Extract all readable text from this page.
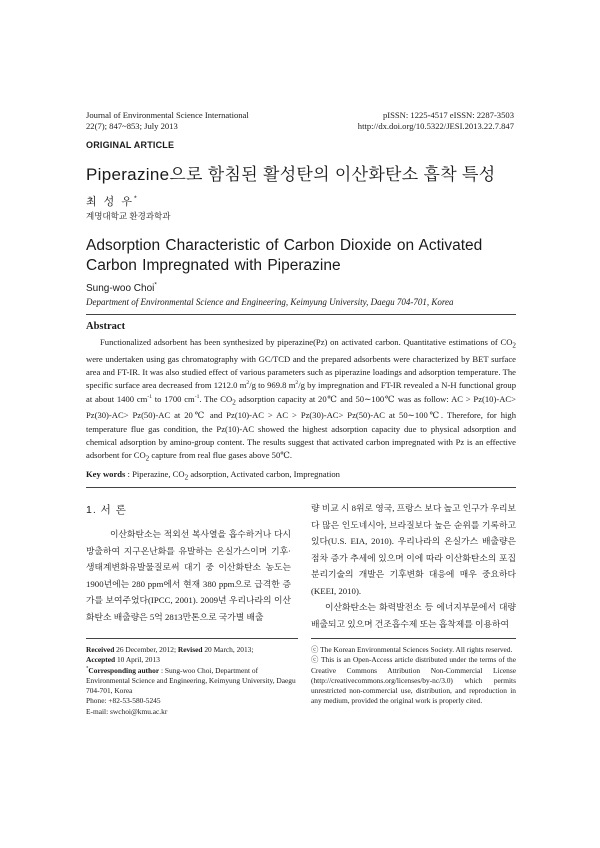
Journal of Environmental Science International
22(7); 847~853; July 2013
pISSN: 1225-4517 eISSN: 2287-3503
http://dx.doi.org/10.5322/JESI.2013.22.7.847
ORIGINAL ARTICLE
Piperazine으로 함침된 활성탄의 이산화탄소 흡착 특성
최 성 우*
계명대학교 환경과학과
Adsorption Characteristic of Carbon Dioxide on Activated Carbon Impregnated with Piperazine
Sung-woo Choi*
Department of Environmental Science and Engineering, Keimyung University, Daegu 704-701, Korea
Abstract
Functionalized adsorbent has been synthesized by piperazine(Pz) on activated carbon. Quantitative estimations of $CO_2$ were undertaken using gas chromatography with GC/TCD and the prepared adsorbents were characterized by BET surface area and FT-IR. It was also studied effect of various parameters such as piperazine loadings and adsorption temperature. The specific surface area decreased from 1212.0 $m^2/g$ to 969.8 $m^2/g$ by impregnation and FT-IR revealed a N-H functional group at about 1400 $cm^{-1}$ to 1700 $cm^{-1}$. The $CO_2$ adsorption capacity at 20℃ and 50∼100℃ was as follow: AC > Pz(10)-AC> Pz(30)-AC> Pz(50)-AC at 20℃ and Pz(10)-AC > AC > Pz(30)-AC> Pz(50)-AC at 50∼100℃. Therefore, for high temperature flue gas condition, the Pz(10)-AC showed the highest adsorption capacity due to physical adsorption and chemical adsorption by amino-group content. The results suggest that activated carbon impregnated with Pz is an effective adsorbent for $CO_2$ capture from real flue gases above 50℃.
Key words : Piperazine, $CO_2$ adsorption, Activated carbon, Impregnation
1. 서 론
이산화탄소는 적외선 복사열을 흡수하거나 다시 방출하여 지구온난화를 유발하는 온실가스이며 기후·생태계변화유발물질로써 대기 중 이산화탄소 농도는 1900년에는 280 ppm에서 현재 380 ppm으로 급격한 증가를 보여주었다(IPCC, 2001). 2009년 우리나라의 이산화탄소 배출량은 5억 2813만톤으로 국가별 배출

량 비교 시 8위로 영국, 프랑스 보다 높고 인구가 우리보다 많은 인도네시아, 브라질보다 높은 순위를 기록하고 있다(U.S. EIA, 2010). 우리나라의 온실가스 배출량은 점차 증가 추세에 있으며 이에 따라 이산화탄소의 포집분리기술의 개발은 기후변화 대응에 매우 중요하다(KEEI, 2010).

이산화탄소는 화력발전소 등 에너지부문에서 대량 배출되고 있으며 건조흡수제 또는 흡착제를 이용하여

Received 26 December, 2012; Revised 20 March, 2013;
Accepted 10 April, 2013
*Corresponding author : Sung-woo Choi, Department of Environmental Science and Engineering, Keimyung University, Daegu 704-701, Korea
Phone: +82-53-580-5245
E-mail: swchoi@kmu.ac.kr
ⓒ The Korean Environmental Sciences Society. All rights reserved.
ⓒ This is an Open-Access article distributed under the terms of the Creative Commons Attribution Non-Commercial License (http://creativecommons.org/licenses/by-nc/3.0) which permits unrestricted non-commercial use, distribution, and reproduction in any medium, provided the original work is properly cited.
